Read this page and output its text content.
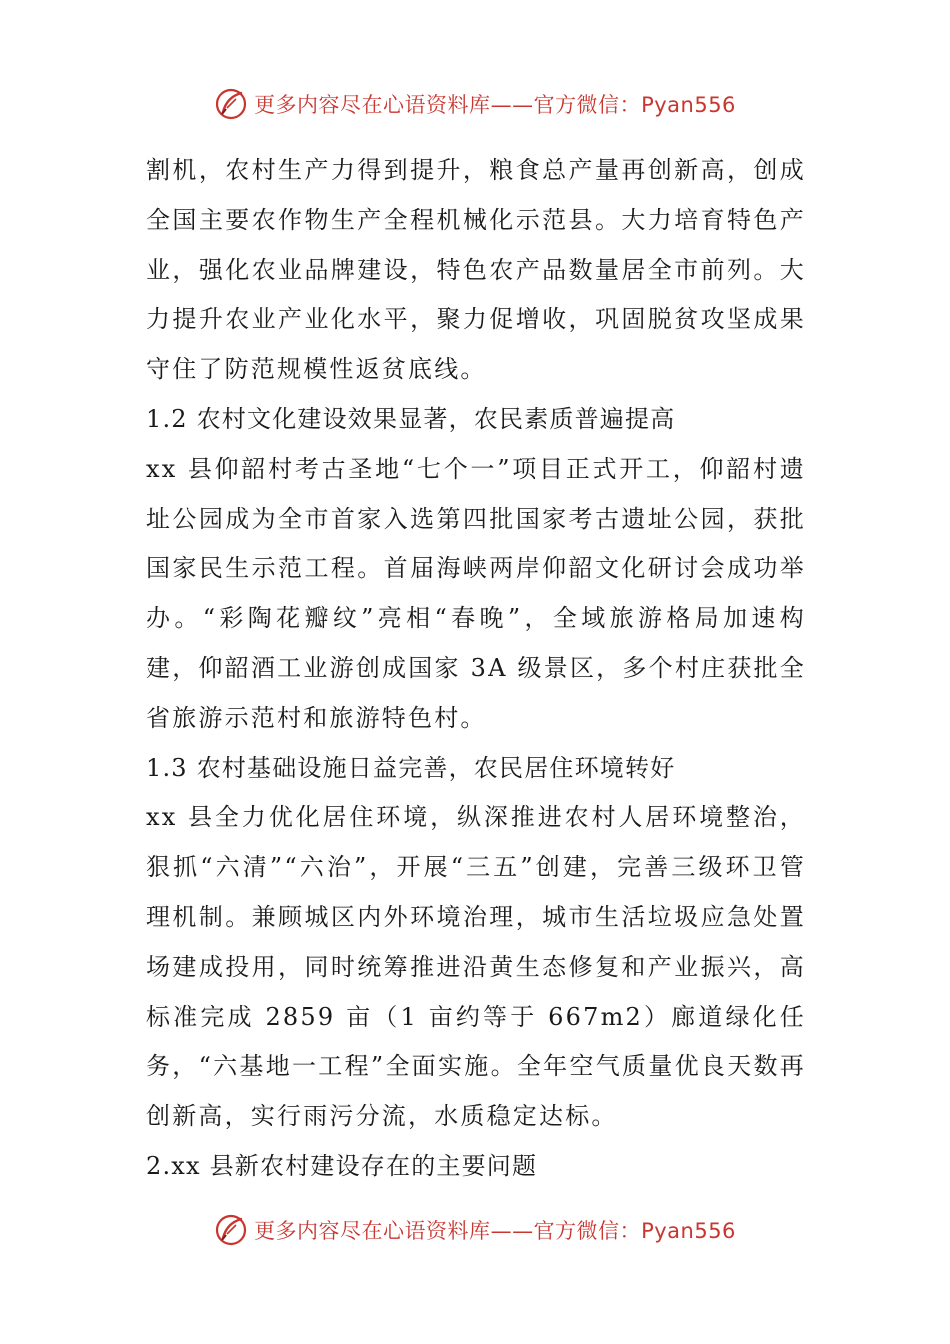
更多内容尽在心语资料库——官方微信：Pyan556

割机，农村生产力得到提升，粮食总产量再创新高，创成全国主要农作物生产全程机械化示范县。大力培育特色产业，强化农业品牌建设，特色农产品数量居全市前列。大力提升农业产业化水平，聚力促增收，巩固脱贫攻坚成果守住了防范规模性返贫底线。

1.2 农村文化建设效果显著，农民素质普遍提高

xx 县仰韶村考古圣地“七个一”项目正式开工，仰韶村遗址公园成为全市首家入选第四批国家考古遗址公园，获批国家民生示范工程。首届海峡两岸仰韶文化研讨会成功举办。“彩陶花瓣纹”亮相“春晚”，全域旅游格局加速构建，仰韶酒工业游创成国家 3A 级景区，多个村庄获批全省旅游示范村和旅游特色村。

1.3 农村基础设施日益完善，农民居住环境转好

xx 县全力优化居住环境，纵深推进农村人居环境整治，狠抓“六清”“六治”，开展“三五”创建，完善三级环卫管理机制。兼顾城区内外环境治理，城市生活垃圾应急处置场建成投用，同时统筹推进沿黄生态修复和产业振兴，高标准完成 2859 亩（1 亩约等于 667m2）廊道绿化任务，“六基地一工程”全面实施。全年空气质量优良天数再创新高，实行雨污分流，水质稳定达标。

2.xx 县新农村建设存在的主要问题

更多内容尽在心语资料库——官方微信：Pyan556
